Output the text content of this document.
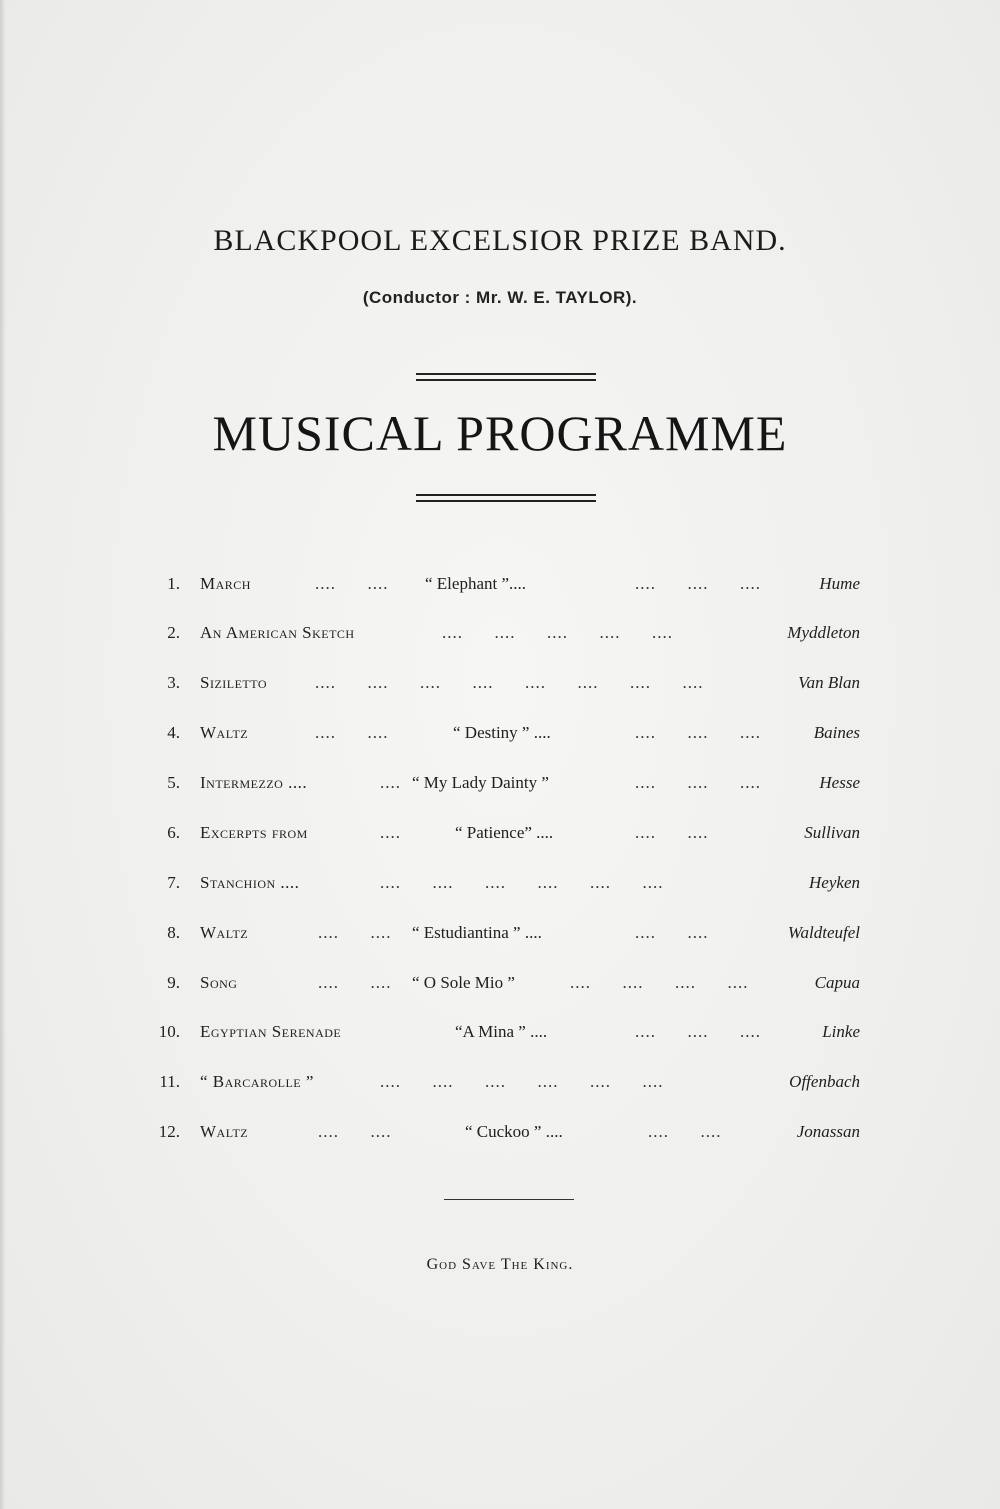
BLACKPOOL EXCELSIOR PRIZE BAND.
(Conductor : Mr. W. E. TAYLOR).
MUSICAL PROGRAMME
1. March	....      .... “ Elephant ”....	....      ....      ....	Hume
2. An American Sketch	....      ....      ....      ....      ....	Myddleton
3. Siziletto	....      ....      ....      ....      ....      ....      ....      ....	Van Blan
4. Waltz	....      ....	“ Destiny ” ....	....      ....      ....	Baines
5. Intermezzo ....	.... “ My Lady Dainty ”	....      ....      ....	Hesse
6. Excerpts from	....	“ Patience” ....	....      ....	Sullivan
7. Stanchion ....	....      ....      ....      ....      ....      ....	Heyken
8. Waltz	....      .... “ Estudiantina ” ....	....      ....	Waldteufel
9. Song	....      .... “ O Sole Mio ”	....      ....      ....      ....	Capua
10. Egyptian Serenade	“A Mina ” ....	....      ....      ....	Linke
11. “ Barcarolle ”	....      ....      ....      ....      ....      ....	Offenbach
12. Waltz	....      ....	“ Cuckoo ” ....	....      ....	Jonassan
God Save The King.
